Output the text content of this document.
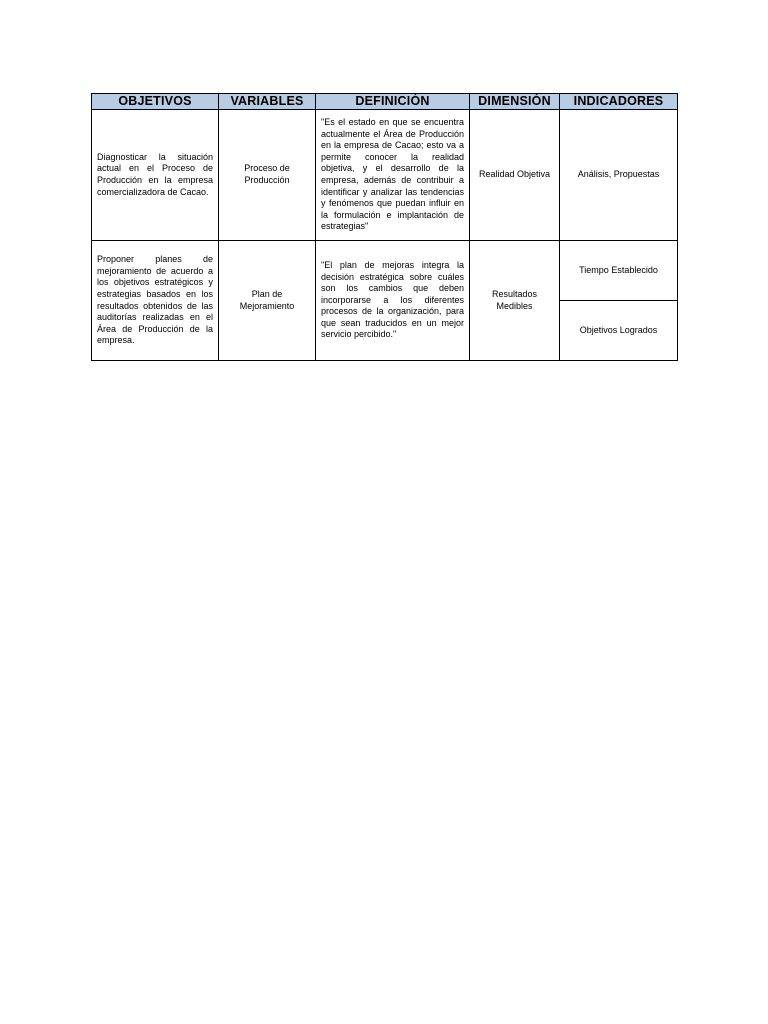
OBJETIVOS	VARIABLES	DEFINICIÓN	DIMENSIÓN	INDICADORES
Diagnosticar la situación actual en el Proceso de Producción en la empresa comercializadora de Cacao.	Proceso de Producción	"Es el estado en que se encuentra actualmente el Área de Producción en la empresa de Cacao; esto va a permite conocer la realidad objetiva, y el desarrollo de la empresa, además de contribuir a identificar y analizar las tendencias y fenómenos que puedan influir en la formulación e implantación de estrategias"	Realidad Objetiva	Análisis, Propuestas
Proponer planes de mejoramiento de acuerdo a los objetivos estratégicos y estrategias basados en los resultados obtenidos de las auditorías realizadas en el Área de Producción de la empresa.	Plan de Mejoramiento	"El plan de mejoras integra la decisión estratégica sobre cuáles son los cambios que deben incorporarse a los diferentes procesos de la organización, para que sean traducidos en un mejor servicio percibido."	Resultados Medibles	Tiempo Establecido
				Objetivos Logrados
